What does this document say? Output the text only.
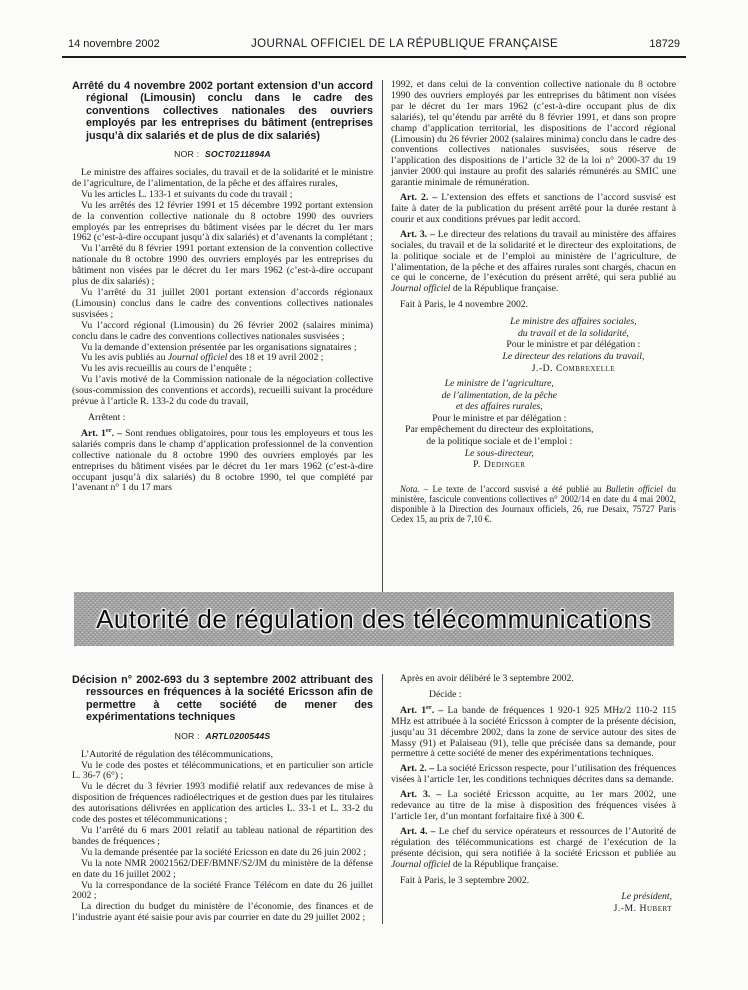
14 novembre 2002	JOURNAL OFFICIEL DE LA RÉPUBLIQUE FRANÇAISE	18729

Arrêté du 4 novembre 2002 portant extension d’un accord régional (Limousin) conclu dans le cadre des conventions collectives nationales des ouvriers employés par les entreprises du bâtiment (entreprises jusqu’à dix salariés et de plus de dix salariés)

NOR : SOCT0211894A

Le ministre des affaires sociales, du travail et de la solidarité et le ministre de l’agriculture, de l’alimentation, de la pêche et des affaires rurales,

Vu les articles L. 133-1 et suivants du code du travail ;

Vu les arrêtés des 12 février 1991 et 15 décembre 1992 portant extension de la convention collective nationale du 8 octobre 1990 des ouvriers employés par les entreprises du bâtiment visées par le décret du 1er mars 1962 (c’est-à-dire occupant jusqu’à dix salariés) et d’avenants la complétant ;

Vu l’arrêté du 8 février 1991 portant extension de la convention collective nationale du 8 octobre 1990 des ouvriers employés par les entreprises du bâtiment non visées par le décret du 1er mars 1962 (c’est-à-dire occupant plus de dix salariés) ;

Vu l’arrêté du 31 juillet 2001 portant extension d’accords régionaux (Limousin) conclus dans le cadre des conventions collectives nationales susvisées ;

Vu l’accord régional (Limousin) du 26 février 2002 (salaires minima) conclu dans le cadre des conventions collectives nationales susvisées ;

Vu la demande d’extension présentée par les organisations signataires ;

Vu les avis publiés au Journal officiel des 18 et 19 avril 2002 ;

Vu les avis recueillis au cours de l’enquête ;

Vu l’avis motivé de la Commission nationale de la négociation collective (sous-commission des conventions et accords), recueilli suivant la procédure prévue à l’article R. 133-2 du code du travail,

Arrêtent :

Art. 1er. – Sont rendues obligatoires, pour tous les employeurs et tous les salariés compris dans le champ d’application professionnel de la convention collective nationale du 8 octobre 1990 des ouvriers employés par les entreprises du bâtiment visées par le décret du 1er mars 1962 (c’est-à-dire occupant jusqu’à dix salariés) du 8 octobre 1990, tel que complété par l’avenant n° 1 du 17 mars

1992, et dans celui de la convention collective nationale du 8 octobre 1990 des ouvriers employés par les entreprises du bâtiment non visées par le décret du 1er mars 1962 (c’est-à-dire occupant plus de dix salariés), tel qu’étendu par arrêté du 8 février 1991, et dans son propre champ d’application territorial, les dispositions de l’accord régional (Limousin) du 26 février 2002 (salaires minima) conclu dans le cadre des conventions collectives nationales susvisées, sous réserve de l’application des dispositions de l’article 32 de la loi n° 2000-37 du 19 janvier 2000 qui instaure au profit des salariés rémunérés au SMIC une garantie minimale de rémunération.

Art. 2. – L’extension des effets et sanctions de l’accord susvisé est faite à dater de la publication du présent arrêté pour la durée restant à courir et aux conditions prévues par ledit accord.

Art. 3. – Le directeur des relations du travail au ministère des affaires sociales, du travail et de la solidarité et le directeur des exploitations, de la politique sociale et de l’emploi au ministère de l’agriculture, de l’alimentation, de la pêche et des affaires rurales sont chargés, chacun en ce qui le concerne, de l’exécution du présent arrêté, qui sera publié au Journal officiel de la République française.

Fait à Paris, le 4 novembre 2002.

Le ministre des affaires sociales,
du travail et de la solidarité,
Pour le ministre et par délégation :
Le directeur des relations du travail,
J.-D. Combrexelle
Le ministre de l’agriculture,
de l’alimentation, de la pêche
et des affaires rurales,
Pour le ministre et par délégation :
Par empêchement du directeur des exploitations,
de la politique sociale et de l’emploi :
Le sous-directeur,
P. Dedinger

Nota. – Le texte de l’accord susvisé a été publié au Bulletin officiel du ministère, fascicule conventions collectives n° 2002/14 en date du 4 mai 2002, disponible à la Direction des Journaux officiels, 26, rue Desaix, 75727 Paris Cedex 15, au prix de 7,10 €.

Autorité de régulation des télécommunications

Décision n° 2002-693 du 3 septembre 2002 attribuant des ressources en fréquences à la société Ericsson afin de permettre à cette société de mener des expérimentations techniques

NOR : ARTL0200544S

L’Autorité de régulation des télécommunications,

Vu le code des postes et télécommunications, et en particulier son article L. 36-7 (6°) ;

Vu le décret du 3 février 1993 modifié relatif aux redevances de mise à disposition de fréquences radioélectriques et de gestion dues par les titulaires des autorisations délivrées en application des articles L. 33-1 et L. 33-2 du code des postes et télécommunications ;

Vu l’arrêté du 6 mars 2001 relatif au tableau national de répartition des bandes de fréquences ;

Vu la demande présentée par la société Ericsson en date du 26 juin 2002 ;

Vu la note NMR 20021562/DEF/BMNF/S2/JM du ministère de la défense en date du 16 juillet 2002 ;

Vu la correspondance de la société France Télécom en date du 26 juillet 2002 ;

La direction du budget du ministère de l’économie, des finances et de l’industrie ayant été saisie pour avis par courrier en date du 29 juillet 2002 ;

Après en avoir délibéré le 3 septembre 2002.

Décide :

Art. 1er. – La bande de fréquences 1 920-1 925 MHz/2 110-2 115 MHz est attribuée à la société Ericsson à compter de la présente décision, jusqu’au 31 décembre 2002, dans la zone de service autour des sites de Massy (91) et Palaiseau (91), telle que précisée dans sa demande, pour permettre à cette société de mener des expérimentations techniques.

Art. 2. – La société Ericsson respecte, pour l’utilisation des fréquences visées à l’article 1er, les conditions techniques décrites dans sa demande.

Art. 3. – La société Ericsson acquitte, au 1er mars 2002, une redevance au titre de la mise à disposition des fréquences visées à l’article 1er, d’un montant forfaitaire fixé à 300 €.

Art. 4. – Le chef du service opérateurs et ressources de l’Autorité de régulation des télécommunications est chargé de l’exécution de la présente décision, qui sera notifiée à la société Ericsson et publiée au Journal officiel de la République française.

Fait à Paris, le 3 septembre 2002.

Le président,
J.-M. Hubert
